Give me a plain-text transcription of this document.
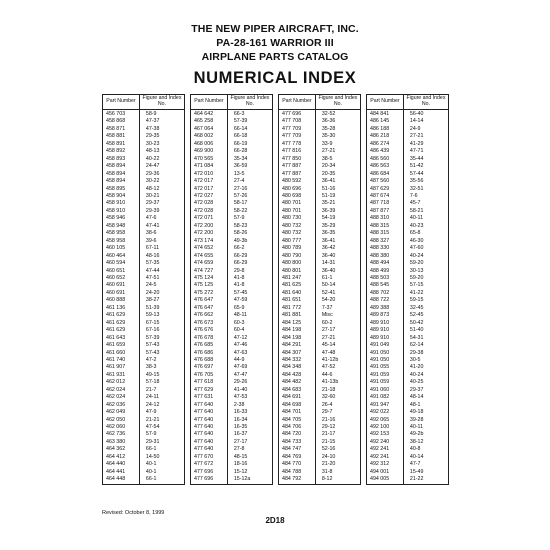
THE NEW PIPER AIRCRAFT, INC.
PA-28-161 WARRIOR III
AIRPLANE PARTS CATALOG
NUMERICAL INDEX
Part Number	Figure and Index No.
456 703	58-9
458 868	47-37
458 871	47-38
458 881	29-35
458 891	30-23
458 892	48-13
458 893	40-22
458 894	24-47
458 894	29-36
458 894	30-22
458 895	48-12
458 904	30-21
458 910	29-37
458 910	29-39
458 946	47-6
458 948	47-41
458 958	38-6
458 958	39-6
460 105	67-11
460 464	48-16
460 594	57-35
460 651	47-44
460 652	47-51
460 691	24-5
460 691	24-20
460 888	38-27
461 136	51-39
461 629	59-13
461 629	67-15
461 629	67-16
461 643	57-39
461 659	57-43
461 660	57-43
461 740	47-2
461 907	38-3
461 931	49-15
462 012	57-18
462 024	21-7
462 024	24-11
462 036	24-12
462 049	47-9
462 050	21-21
462 060	47-54
462 736	57-9
463 380	29-31
464 362	66-1
464 412	14-50
464 440	40-1
464 441	40-1
464 448	66-1
Part Number	Figure and Index No.
464 642	66-3
465 258	57-39
467 064	66-14
468 002	66-18
468 006	66-19
469 900	66-28
470 565	35-34
471 084	36-59
472 010	13-5
472 017	27-4
472 017	27-16
472 027	57-26
472 028	58-17
472 028	58-22
472 071	57-9
472 200	58-23
472 200	58-26
473 174	49-3b
474 652	66-2
474 655	66-29
474 659	66-29
474 727	29-8
475 124	41-8
475 125	41-8
475 272	57-45
476 647	47-59
476 647	65-9
476 662	48-11
476 673	60-3
476 676	60-4
476 678	47-12
476 685	47-46
476 686	47-63
476 688	44-9
476 697	47-69
476 705	47-47
477 618	29-26
477 629	41-40
477 631	47-53
477 640	2-38
477 640	16-33
477 640	16-34
477 640	16-35
477 640	16-37
477 640	27-17
477 640	27-8
477 670	48-15
477 672	18-16
477 696	15-12
477 696	15-12a
Part Number	Figure and Index No.
477 696	32-52
477 708	36-36
477 709	35-28
477 709	35-30
477 778	33-9
477 816	27-21
477 850	38-5
477 887	20-34
477 887	20-35
480 592	36-41
480 696	51-16
480 698	51-19
480 701	35-21
480 701	36-39
480 730	54-19
480 732	35-29
480 732	36-35
480 777	36-41
480 789	36-42
480 790	36-40
480 800	14-31
480 801	36-40
481 247	61-1
481 625	50-14
481 640	52-41
481 651	54-20
481 772	7-37
481 881	Misc
484 125	60-2
484 198	27-17
484 198	27-21
484 291	45-14
484 307	47-48
484 332	41-12b
484 348	47-52
484 428	44-6
484 482	41-13b
484 683	21-18
484 691	32-60
484 698	26-4
484 701	29-7
484 705	21-16
484 706	29-12
484 720	21-17
484 733	21-15
484 747	52-16
484 769	24-10
484 770	21-20
484 788	31-8
484 792	8-12
Part Number	Figure and Index No.
484 841	56-40
486 145	14-14
486 188	24-9
486 218	27-21
486 274	41-29
486 439	47-71
486 560	35-44
486 563	51-42
486 684	57-44
487 560	35-56
487 629	32-51
487 674	7-6
487 718	45-7
487 877	58-21
488 310	40-11
488 315	40-23
488 315	65-8
488 327	46-30
488 330	47-60
488 380	40-24
488 494	59-20
488 499	30-13
488 503	59-20
488 545	57-15
488 702	41-22
488 722	59-15
489 388	32-45
489 873	52-45
489 910	50-42
489 910	51-40
489 910	54-31
491 049	62-14
491 050	29-38
491 050	30-5
491 055	41-20
491 059	40-24
491 059	40-25
491 060	29-37
491 082	48-14
491 947	48-1
492 022	49-18
492 065	39-28
492 100	40-11
492 153	49-2b
492 240	38-12
492 241	40-8
492 241	40-14
492 312	47-7
494 001	15-49
494 005	21-22
Revised: October 8, 1999
2D18
